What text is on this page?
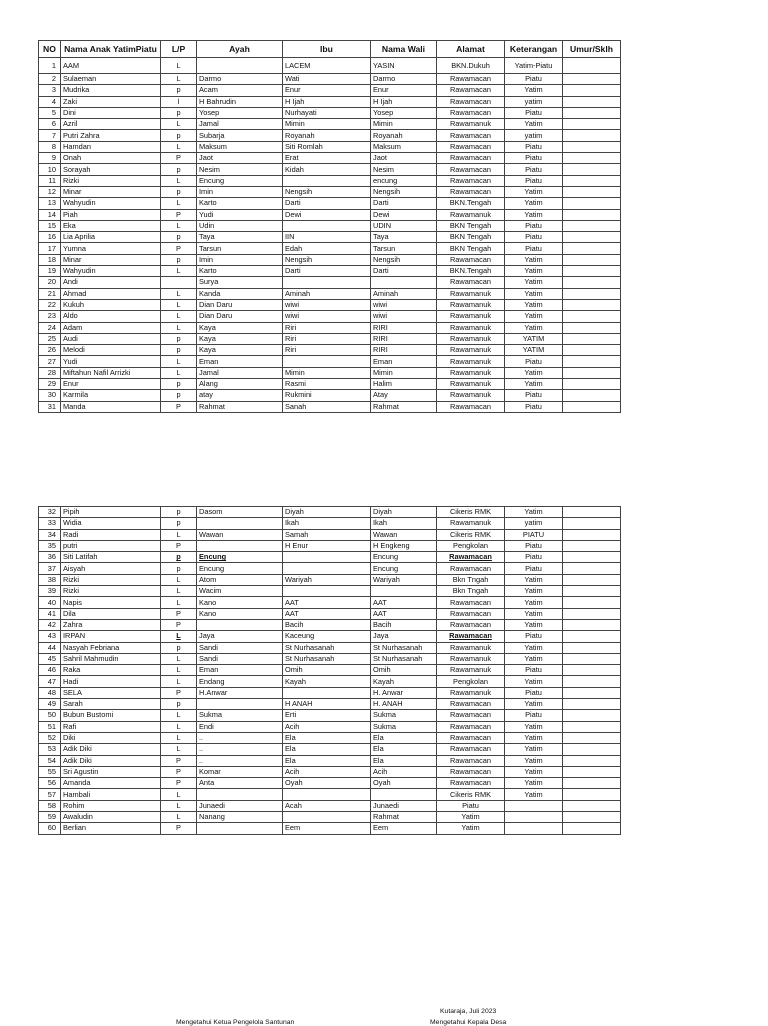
NO	Nama Anak YatimPiatu	L/P	Ayah	Ibu	Nama Wali	Alamat	Keterangan	Umur/Sklh
1	AAM	L		LACEM	YASIN	BKN.Dukuh	Yatim-Piatu	
2	Sulaeman	L	Darmo	Wati	Darmo	Rawamacan	Piatu	
3	Mudrika	p	Acam	Enur	Enur	Rawamacan	Yatim	
4	Zaki	l	H Bahrudin	H Ijah	H Ijah	Rawamacan	yatim	
5	Dini	p	Yosep	Nurhayati	Yosep	Rawamacan	Piatu	
6	Azril	L	Jamal	Mimin	Mimin	Rawamanuk	Yatim	
7	Putri Zahra	p	Subarja	Royanah	Royanah	Rawamacan	yatim	
8	Hamdan	L	Maksum	Siti Romlah	Maksum	Rawamacan	Piatu	
9	Onah	P	Jaot	Erat	Jaot	Rawamacan	Piatu	
10	Sorayah	p	Nesim	Kidah	Nesim	Rawamacan	Piatu	
11	Rizki	L	Encung		encung	Rawamacan	Piatu	
12	Minar	p	Imin	Nengsih	Nengsih	Rawamacan	Yatim	
13	Wahyudin	L	Karto	Darti	Darti	BKN.Tengah	Yatim	
14	Piah	P	Yudi	Dewi	Dewi	Rawamanuk	Yatim	
15	Eka	L	Udin		UDIN	BKN Tengah	Piatu	
16	Lia Aprilia	p	Taya	IIN	Taya	BKN Tengah	Piatu	
17	Yumna	P	Tarsun	Edah	Tarsun	BKN Tengah	Piatu	
18	Minar	p	Imin	Nengsih	Nengsih	Rawamacan	Yatim	
19	Wahyudin	L	Karto	Darti	Darti	BKN.Tengah	Yatim	
20	Andi		Surya			Rawamacan	Yatim	
21	Ahmad	L	Kanda	Aminah	Aminah	Rawamanuk	Yatim	
22	Kukuh	L	Dian Daru	wiwi	wiwi	Rawamanuk	Yatim	
23	Aldo	L	Dian Daru	wiwi	wiwi	Rawamanuk	Yatim	
24	Adam	L	Kaya	Riri	RIRI	Rawamanuk	Yatim	
25	Audi	p	Kaya	Riri	RIRI	Rawamanuk	YATIM	
26	Melodi	p	Kaya	Riri	RIRI	Rawamanuk	YATIM	
27	Yudi	L	Eman		Eman	Rawamanuk	Piatu	
28	Miftahun Nafil Arrizki	L	Jamal	Mimin	Mimin	Rawamanuk	Yatim	
29	Enur	p	Alang	Rasmi	Halim	Rawamanuk	Yatim	
30	Karmila	p	atay	Rukmini	Atay	Rawamanuk	Piatu	
31	Manda	P	Rahmat	Sanah	Rahmat	Rawamacan	Piatu	
32	Pipih	p	Dasom	Diyah	Diyah	Cikeris RMK	Yatim	
33	Widia	p		Ikah	Ikah	Rawamanuk	yatim	
34	Radi	L	Wawan	Samah	Wawan	Cikeris RMK	PIATU	
35	putri	P		H Enur	H Engkeng	Pengkolan	Piatu	
36	Siti Latifah	p	Encung		Encung	Rawamacan	Piatu	
37	Aisyah	p	Encung		Encung	Rawamacan	Piatu	
38	Rizki	L	Atom	Wariyah	Wariyah	Bkn Tngah	Yatim	
39	Rizki	L	Wacim			Bkn Tngah	Yatim	
40	Napis	L	Kano	AAT	AAT	Rawamacan	Yatim	
41	Dila	P	Kano	AAT	AAT	Rawamacan	Yatim	
42	Zahra	P		Bacih	Bacih	Rawamacan	Yatim	
43	IRPAN	L	Jaya	Kaceung	Jaya	Rawamacan	Piatu	
44	Nasyah Febriana	p	Sandi	St Nurhasanah	St Nurhasanah	Rawamanuk	Yatim	
45	Sahril Mahmudin	L	Sandi	St Nurhasanah	St Nurhasanah	Rawamanuk	Yatim	
46	Raka	L	Eman	Omih	Omih	Rawamanuk	Piatu	
47	Hadi	L	Endang	Kayah	Kayah	Pengkolan	Yatim	
48	SELA	P	H.Anwar		H. Anwar	Rawamanuk	Piatu	
49	Sarah	p		H ANAH	H. ANAH	Rawamacan	Yatim	
50	Bubun Bustomi	L	Sukma	Erti	Sukma	Rawamacan	Piatu	
51	Rafi	L	Endi	Acih	Sukma	Rawamacan	Yatim	
52	Diki	L	..	Ela	Ela	Rawamacan	Yatim	
53	Adik Diki	L	..	Ela	Ela	Rawamacan	Yatim	
54	Adik Diki	P	..	Ela	Ela	Rawamacan	Yatim	
55	Sri Agustin	P	Komar	Acih	Acih	Rawamacan	Yatim	
56	Amanda	P	Anta	Oyah	Oyah	Rawamacan	Yatim	
57	Hambali	L				Cikeris RMK	Yatim	
58	Rohim	L	Junaedi	Acah	Junaedi	Piatu		
59	Awaludin	L	Nanang		Rahmat	Yatim		
60	Berlian	P		Eem	Eem	Yatim		
Kutaraja, Juli 2023
Mengetahui Ketua Pengelola Santunan	Mengetahui Kepala Desa
